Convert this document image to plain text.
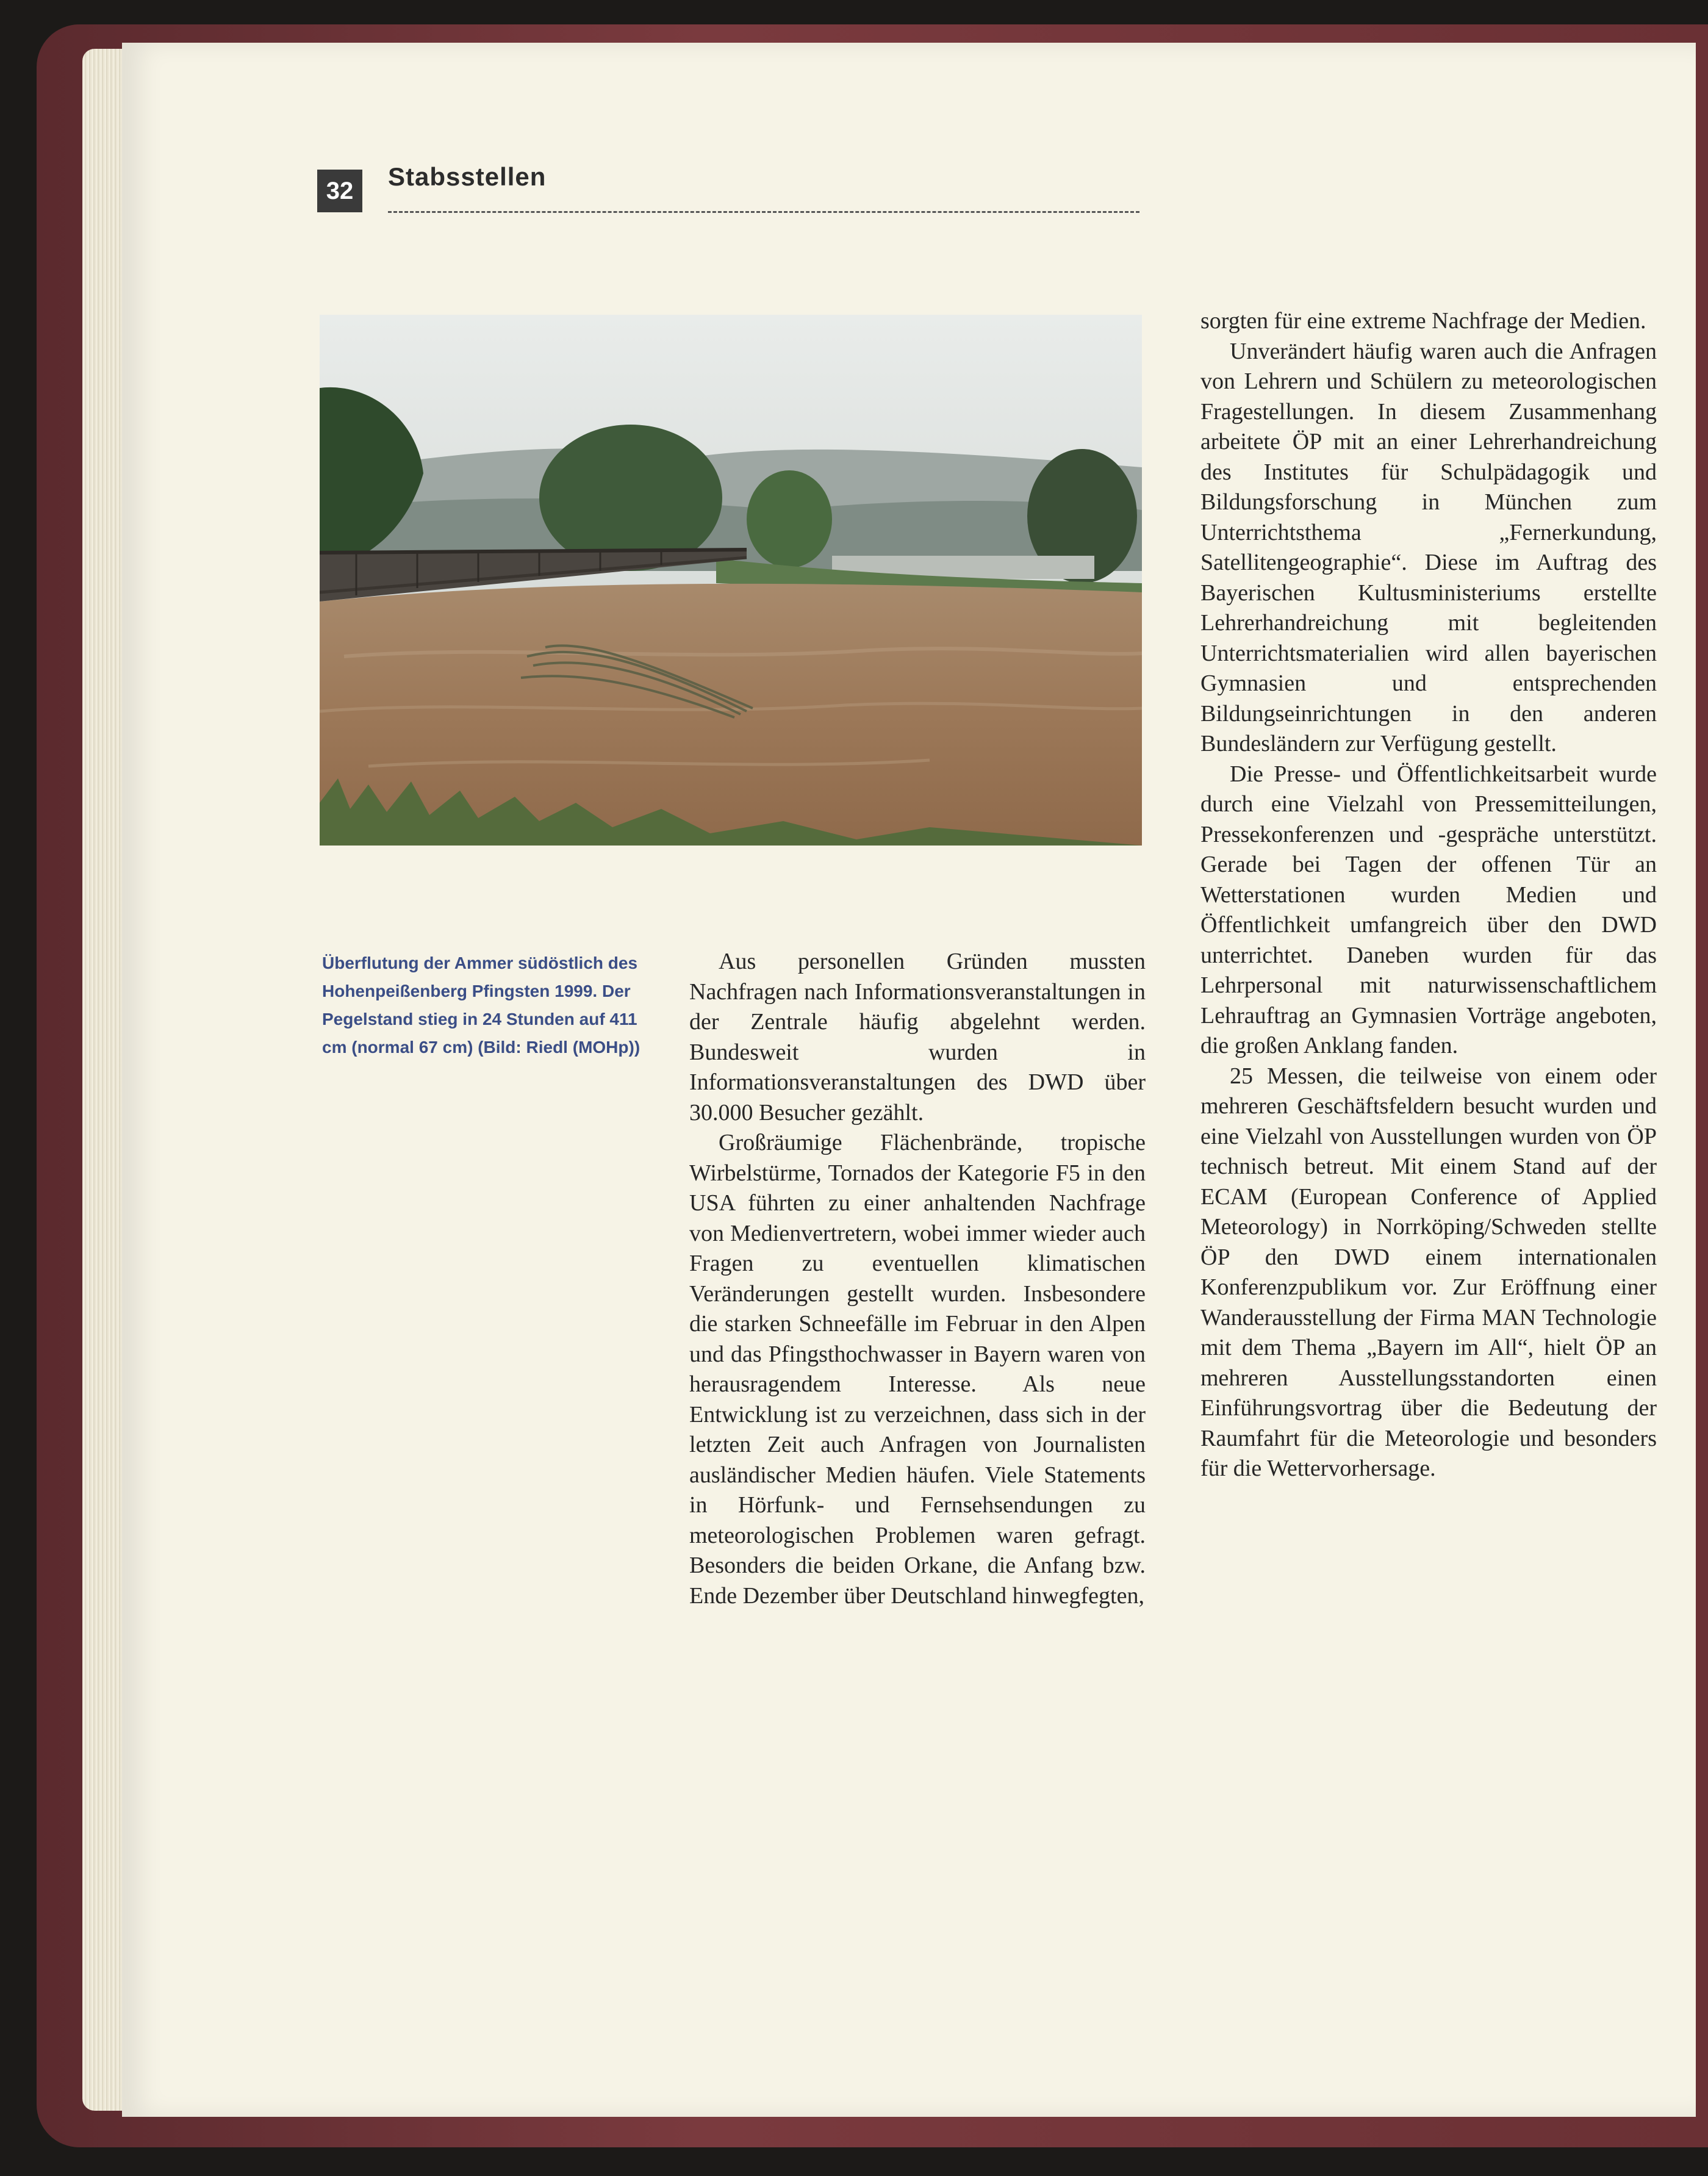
32	Stabsstellen
Überflutung der Ammer südöstlich des Hohenpeißenberg Pfingsten 1999. Der Pegelstand stieg in 24 Stunden auf 411 cm (normal 67 cm) (Bild: Riedl (MOHp))

Aus personellen Gründen mussten Nachfragen nach Informationsveranstaltungen in der Zentrale häufig abgelehnt werden. Bundesweit wurden in Informationsveranstaltungen des DWD über 30.000 Besucher gezählt.

Großräumige Flächenbrände, tropische Wirbelstürme, Tornados der Kategorie F5 in den USA führten zu einer anhaltenden Nachfrage von Medienvertretern, wobei immer wieder auch Fragen zu eventuellen klimatischen Veränderungen gestellt wurden. Insbesondere die starken Schneefälle im Februar in den Alpen und das Pfingsthochwasser in Bayern waren von herausragendem Interesse. Als neue Entwicklung ist zu verzeichnen, dass sich in der letzten Zeit auch Anfragen von Journalisten ausländischer Medien häufen. Viele Statements in Hörfunk- und Fernsehsendungen zu meteorologischen Problemen waren gefragt. Besonders die beiden Orkane, die Anfang bzw. Ende Dezember über Deutschland hinwegfegten,

sorgten für eine extreme Nachfrage der Medien.

Unverändert häufig waren auch die Anfragen von Lehrern und Schülern zu meteorologischen Fragestellungen. In diesem Zusammenhang arbeitete ÖP mit an einer Lehrerhandreichung des Institutes für Schulpädagogik und Bildungsforschung in München zum Unterrichtsthema „Fernerkundung, Satellitengeographie“. Diese im Auftrag des Bayerischen Kultusministeriums erstellte Lehrerhandreichung mit begleitenden Unterrichtsmaterialien wird allen bayerischen Gymnasien und entsprechenden Bildungseinrichtungen in den anderen Bundesländern zur Verfügung gestellt.

Die Presse- und Öffentlichkeitsarbeit wurde durch eine Vielzahl von Pressemitteilungen, Pressekonferenzen und -gespräche unterstützt. Gerade bei Tagen der offenen Tür an Wetterstationen wurden Medien und Öffentlichkeit umfangreich über den DWD unterrichtet. Daneben wurden für das Lehrpersonal mit naturwissenschaftlichem Lehrauftrag an Gymnasien Vorträge angeboten, die großen Anklang fanden.

25 Messen, die teilweise von einem oder mehreren Geschäftsfeldern besucht wurden und eine Vielzahl von Ausstellungen wurden von ÖP technisch betreut. Mit einem Stand auf der ECAM (European Conference of Applied Meteorology) in Norrköping/Schweden stellte ÖP den DWD einem internationalen Konferenzpublikum vor. Zur Eröffnung einer Wanderausstellung der Firma MAN Technologie mit dem Thema „Bayern im All“, hielt ÖP an mehreren Ausstellungsstandorten einen Einführungsvortrag über die Bedeutung der Raumfahrt für die Meteorologie und besonders für die Wettervorhersage.
